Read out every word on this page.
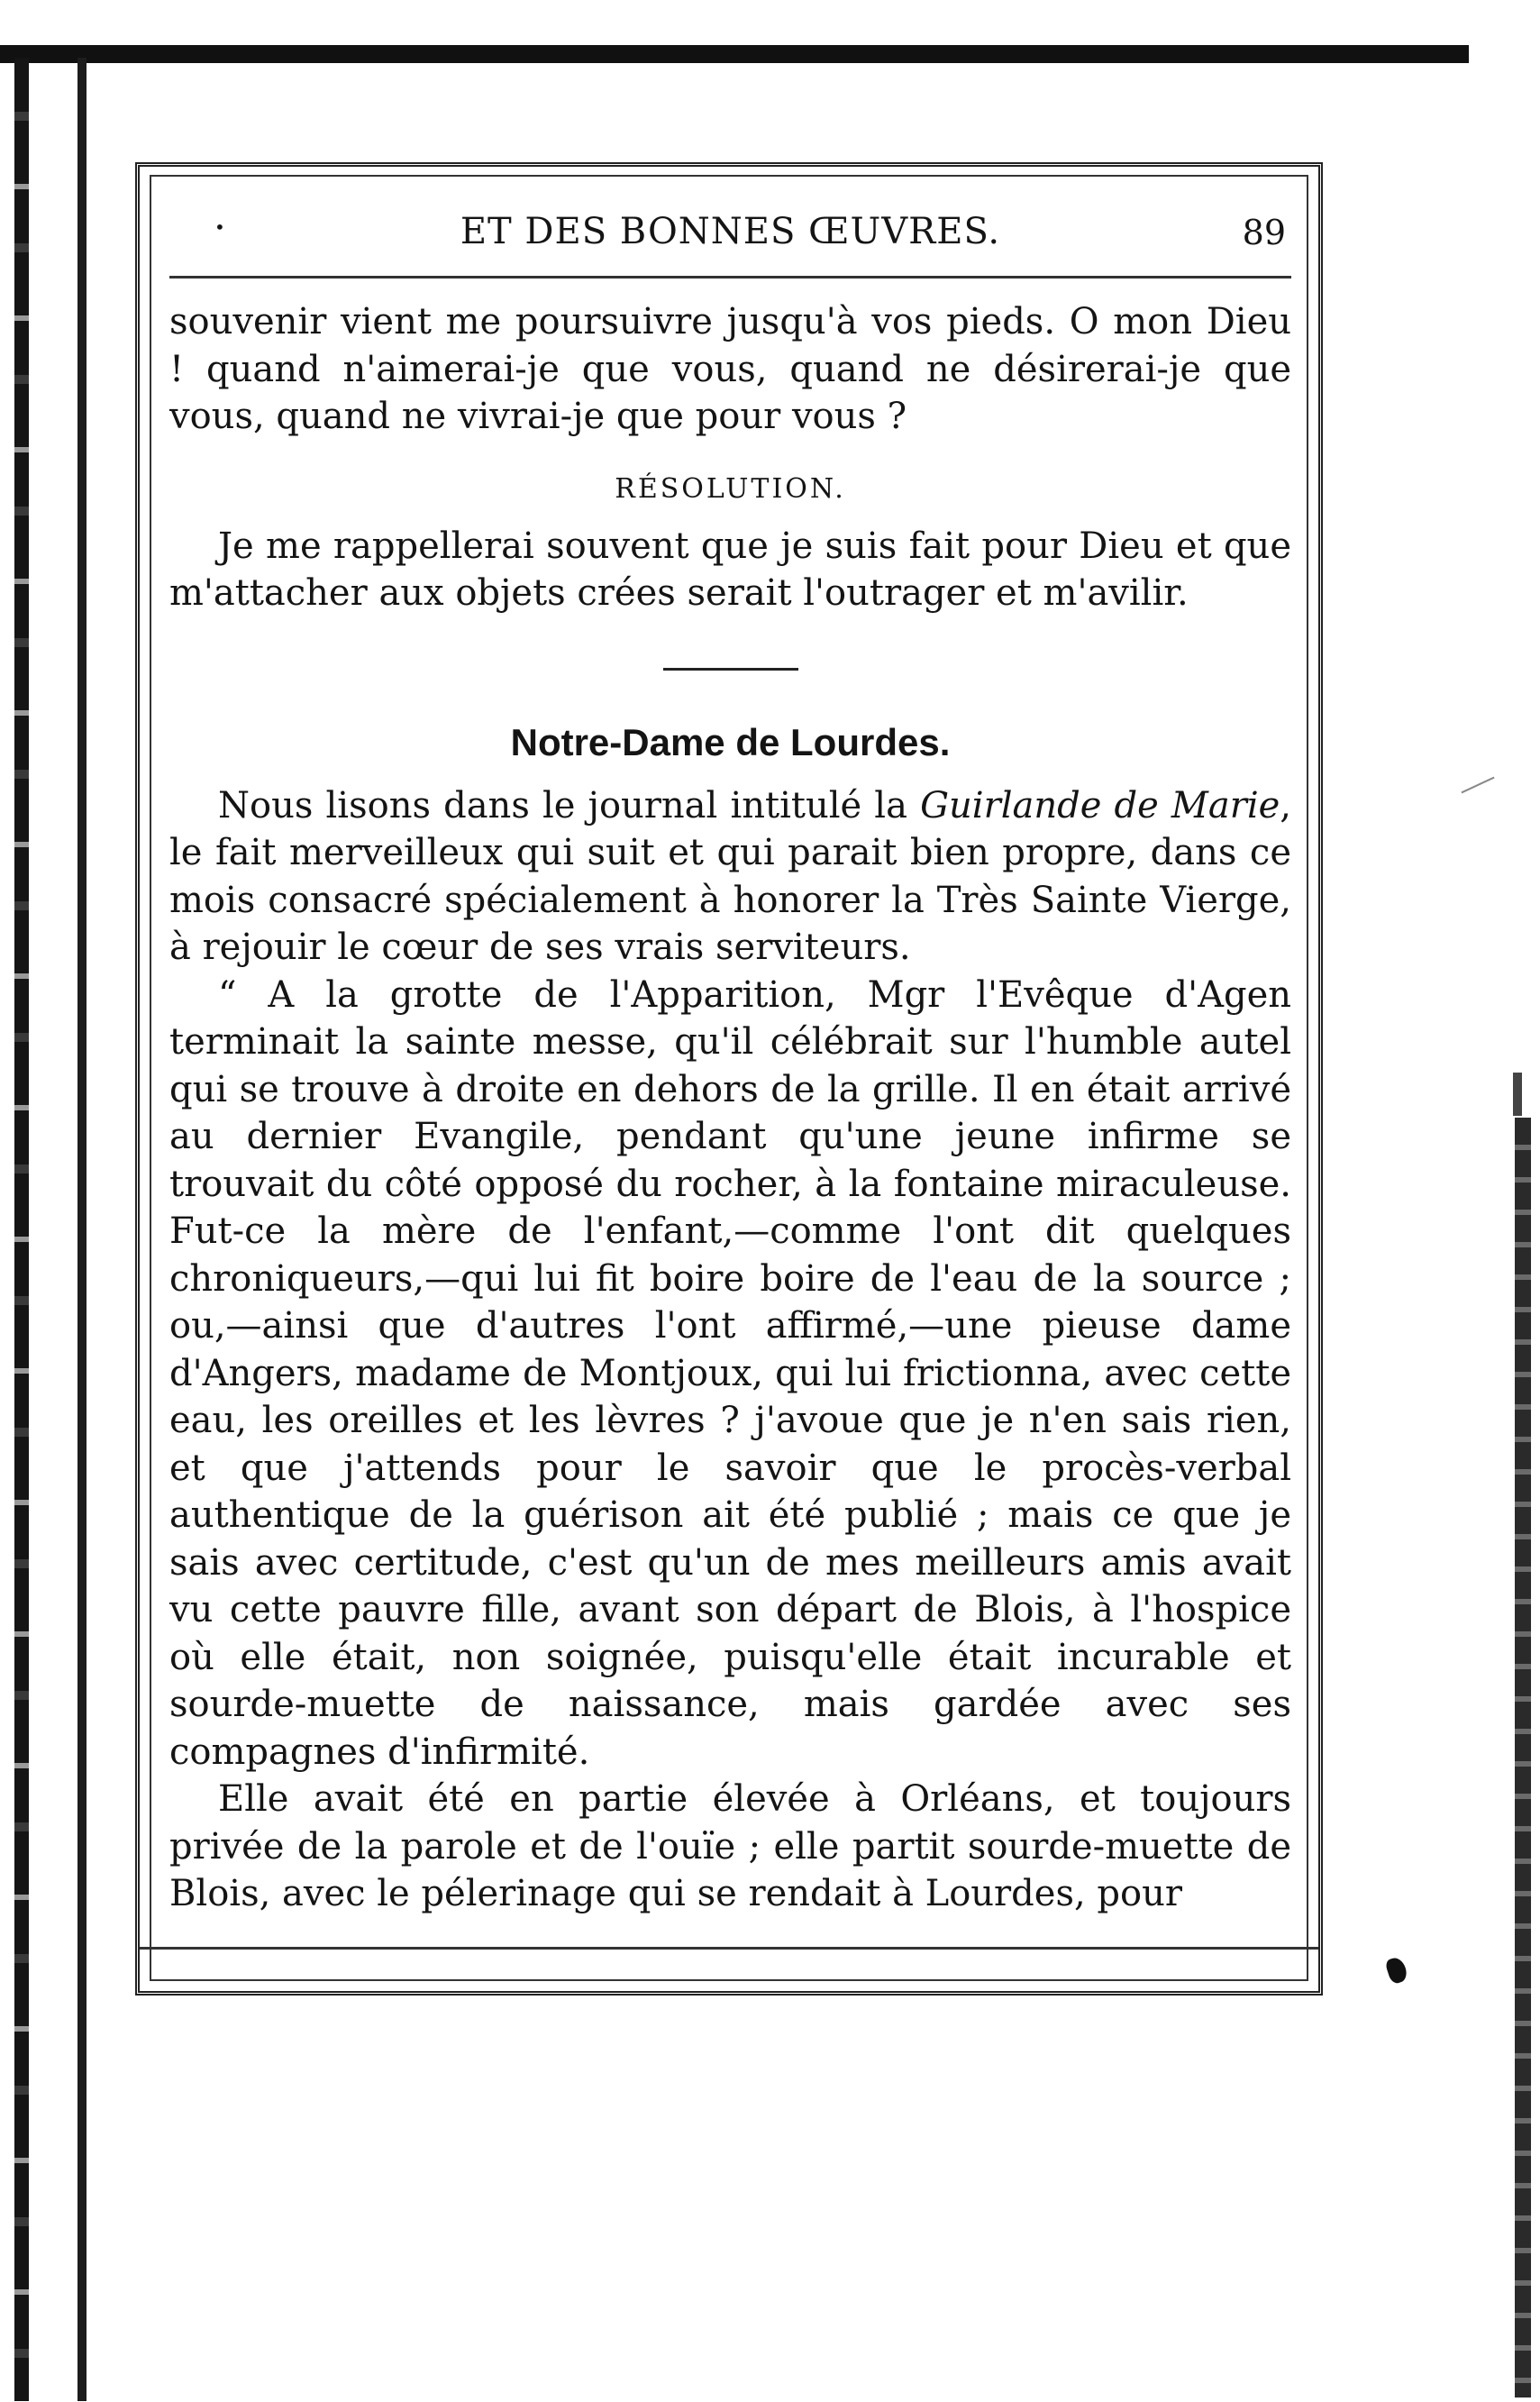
•	ET DES BONNES ŒUVRES.	89

souvenir vient me poursuivre jusqu'à vos pieds. O mon Dieu ! quand n'aimerai-je que vous, quand ne désirerai-je que vous, quand ne vivrai-je que pour vous ?

RÉSOLUTION.

Je me rappellerai souvent que je suis fait pour Dieu et que m'attacher aux objets crées serait l'outrager et m'avilir.

Notre-Dame de Lourdes.

Nous lisons dans le journal intitulé la Guirlande de Marie, le fait merveilleux qui suit et qui parait bien propre, dans ce mois consacré spécialement à honorer la Très Sainte Vierge, à rejouir le cœur de ses vrais serviteurs.

“ A la grotte de l'Apparition, Mgr l'Evêque d'Agen terminait la sainte messe, qu'il célébrait sur l'humble autel qui se trouve à droite en dehors de la grille. Il en était arrivé au dernier Evangile, pendant qu'une jeune infirme se trouvait du côté opposé du rocher, à la fontaine miraculeuse. Fut-ce la mère de l'enfant,—comme l'ont dit quelques chroniqueurs,—qui lui fit boire boire de l'eau de la source ; ou,—ainsi que d'autres l'ont affirmé,—une pieuse dame d'Angers, madame de Montjoux, qui lui frictionna, avec cette eau, les oreilles et les lèvres ? j'avoue que je n'en sais rien, et que j'attends pour le savoir que le procès-verbal authentique de la guérison ait été publié ; mais ce que je sais avec certitude, c'est qu'un de mes meilleurs amis avait vu cette pauvre fille, avant son départ de Blois, à l'hospice où elle était, non soignée, puisqu'elle était incurable et sourde-muette de naissance, mais gardée avec ses compagnes d'infirmité.

Elle avait été en partie élevée à Orléans, et toujours privée de la parole et de l'ouïe ; elle partit sourde-muette de Blois, avec le pélerinage qui se rendait à Lourdes, pour
